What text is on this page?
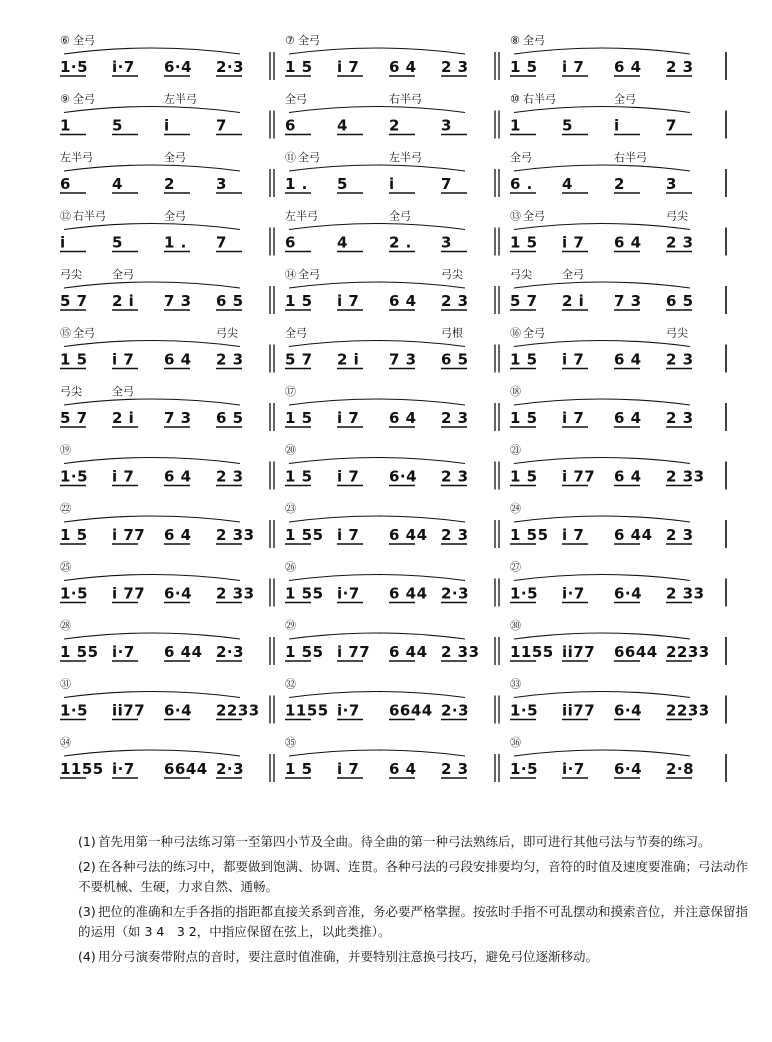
⑥ 全弓
1·5 i·7 6·4 2·3
⑦ 全弓
1 5 i 7 6 4 2 3
⑧ 全弓
1 5 i 7 6 4 2 3
⑨ 全弓
1	5
左半弓
i	7
全弓
6	4
右半弓
2	3
⑩ 右半弓
1	5
全弓
i	7
左半弓
6	4
全弓
2	3
⑪ 全弓
1 . 5
左半弓
i	7
全弓
6 . 4
右半弓
2	3
⑫ 右半弓
i	5
全弓
1 . 7
左半弓
6	4
全弓
2 . 3
⑬ 全弓
1 5 i 7 6 4
弓尖
2 3
弓尖
5 7
全弓
2 i 7 3 6 5
⑭ 全弓
1 5 i 7 6 4
弓尖
2 3
弓尖
5 7
全弓
2 i 7 3 6 5
⑮ 全弓
1 5 i 7 6 4
弓尖
2 3
全弓
5 7 2 i 7 3
弓根
6 5
⑯ 全弓
1 5 i 7 6 4
弓尖
2 3
弓尖
5 7
全弓
2 i 7 3 6 5
⑰
1 5 i 7 6 4 2 3
⑱
1 5 i 7 6 4 2 3
⑲
1·5 i 7 6 4 2 3
⑳
1 5 i 7 6·4 2 3
㉑
1 5 i 77 6 4 2 33
㉒
1 5 i 77 6 4 2 33
㉓
1 55 i 7 6 44 2 3
㉔
1 55 i 7 6 44 2 3
㉕
1·5 i 77 6·4 2 33
㉖
1 55 i·7 6 44 2·3
㉗
1·5 i·7 6·4 2 33
㉘
1 55 i·7 6 44 2·3
㉙
1 55 i 77 6 44 2 33
㉚
1155 ii77 6644 2233
㉛
1·5 ii77 6·4 2233
㉜
1155 i·7 6644 2·3
㉝
1·5 ii77 6·4 2233
㉞
1155 i·7 6644 2·3
㉟
1 5 i 7 6 4 2 3
㊱
1·5 i·7 6·4 2·8
(1) 首先用第一种弓法练习第一至第四小节及全曲。待全曲的第一种弓法熟练后，即可进行其他弓法与节奏的练习。
(2) 在各种弓法的练习中，都要做到饱满、协调、连贯。各种弓法的弓段安排要均匀，音符的时值及速度要准确；弓法动作不要机械、生硬，力求自然、通畅。
(3) 把位的准确和左手各指的指距都直接关系到音准，务必要严格掌握。按弦时手指不可乱摆动和摸索音位，并注意保留指的运用（如 3 4　3 2，中指应保留在弦上，以此类推）。
(4) 用分弓演奏带附点的音时，要注意时值准确，并要特别注意换弓技巧，避免弓位逐渐移动。
